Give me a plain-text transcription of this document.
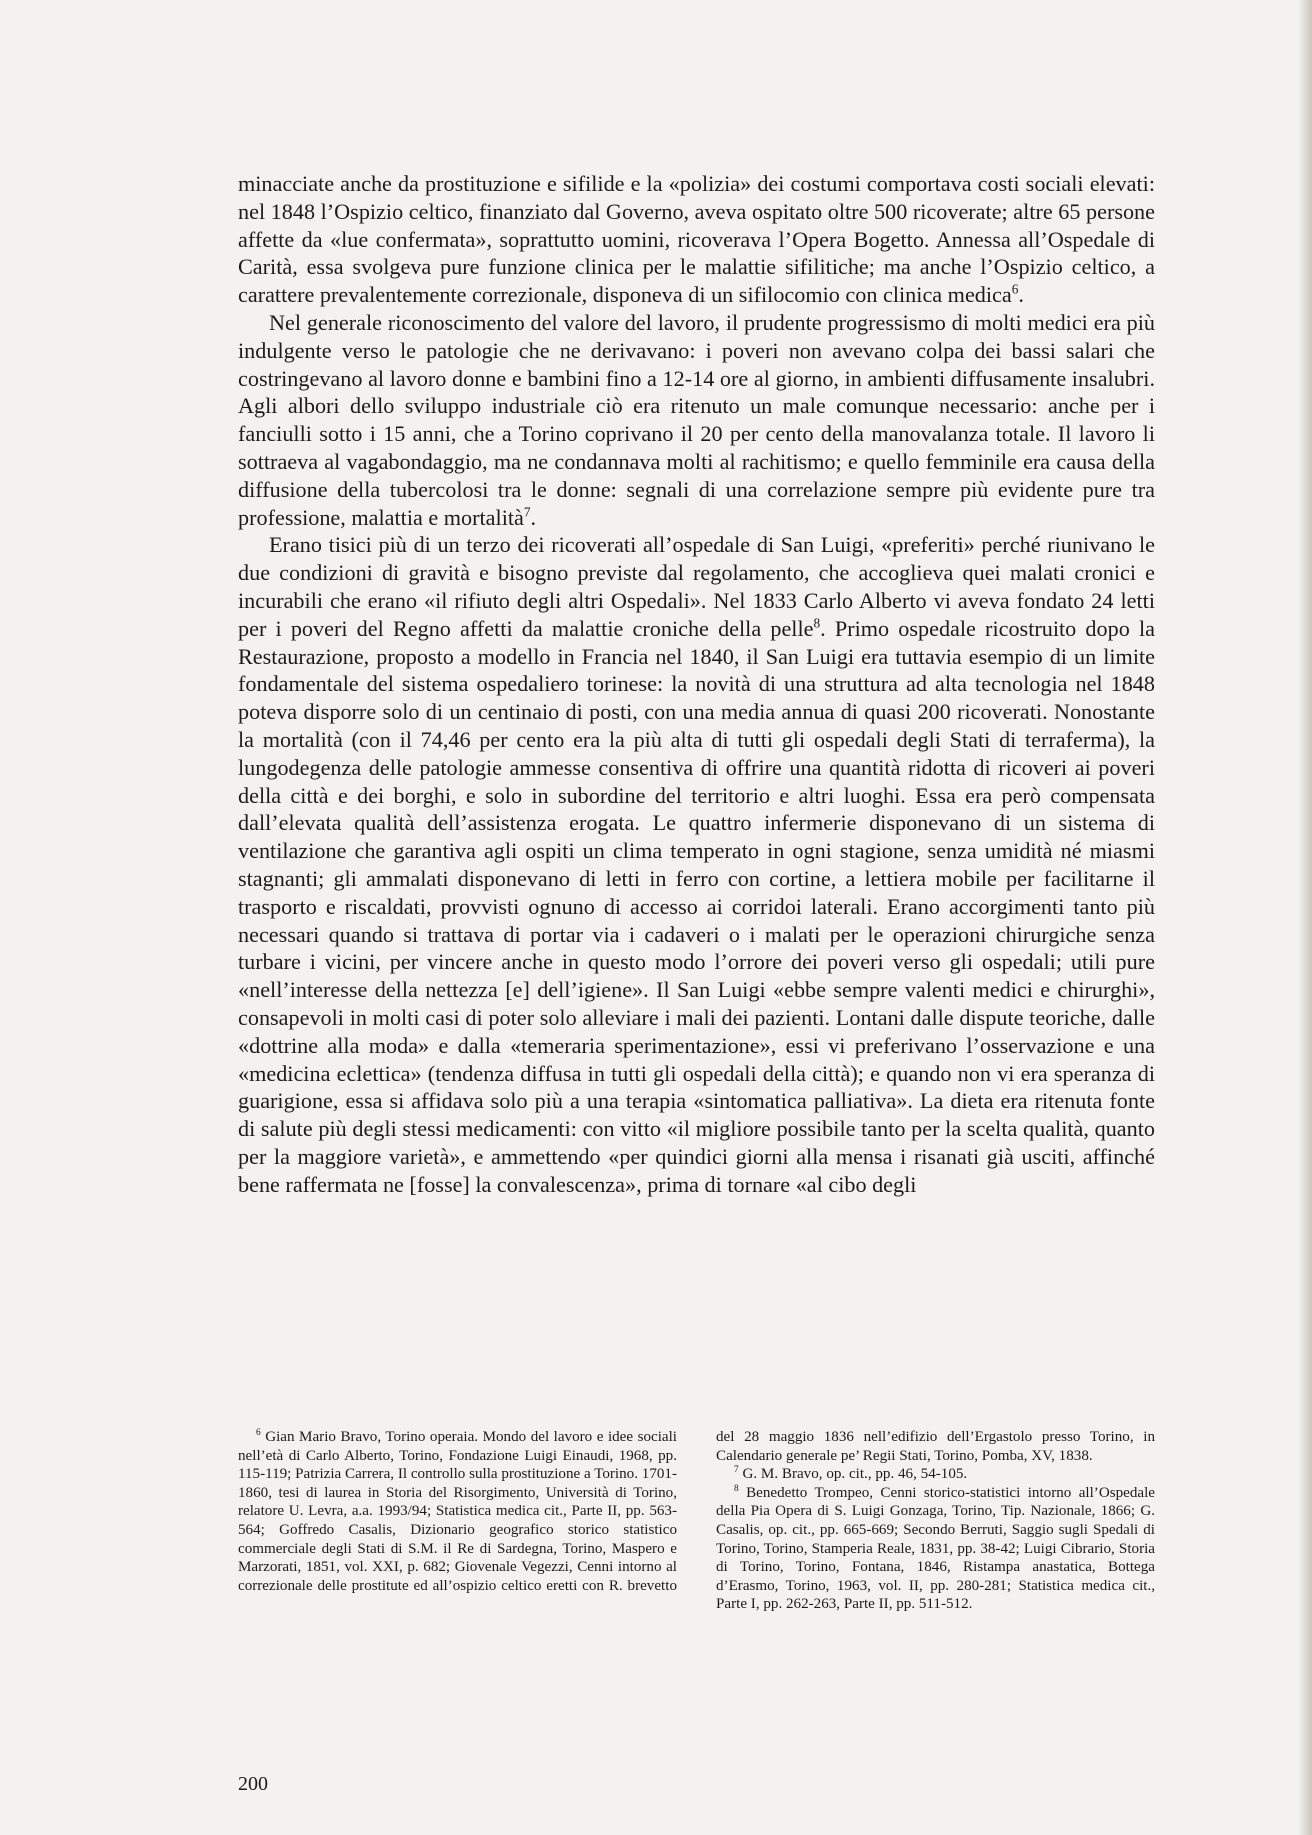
minacciate anche da prostituzione e sifilide e la «polizia» dei costumi comportava costi sociali elevati: nel 1848 l’Ospizio celtico, finanziato dal Governo, aveva ospitato oltre 500 ricoverate; altre 65 persone affette da «lue confermata», soprattutto uomini, ricoverava l’Opera Bogetto. Annessa all’Ospedale di Carità, essa svolgeva pure funzione clinica per le malattie sifilitiche; ma anche l’Ospizio celtico, a carattere prevalentemente correzionale, disponeva di un sifilocomio con clinica medica$^6$.

Nel generale riconoscimento del valore del lavoro, il prudente progressismo di molti medici era più indulgente verso le patologie che ne derivavano: i poveri non avevano colpa dei bassi salari che costringevano al lavoro donne e bambini fino a 12-14 ore al giorno, in ambienti diffusamente insalubri. Agli albori dello sviluppo industriale ciò era ritenuto un male comunque necessario: anche per i fanciulli sotto i 15 anni, che a Torino coprivano il 20 per cento della manovalanza totale. Il lavoro li sottraeva al vagabondaggio, ma ne condannava molti al rachitismo; e quello femminile era causa della diffusione della tubercolosi tra le donne: segnali di una correlazione sempre più evidente pure tra professione, malattia e mortalità$^7$.

Erano tisici più di un terzo dei ricoverati all’ospedale di San Luigi, «preferiti» perché riunivano le due condizioni di gravità e bisogno previste dal regolamento, che accoglieva quei malati cronici e incurabili che erano «il rifiuto degli altri Ospedali». Nel 1833 Carlo Alberto vi aveva fondato 24 letti per i poveri del Regno affetti da malattie croniche della pelle$^8$. Primo ospedale ricostruito dopo la Restaurazione, proposto a modello in Francia nel 1840, il San Luigi era tuttavia esempio di un limite fondamentale del sistema ospedaliero torinese: la novità di una struttura ad alta tecnologia nel 1848 poteva disporre solo di un centinaio di posti, con una media annua di quasi 200 ricoverati. Nonostante la mortalità (con il 74,46 per cento era la più alta di tutti gli ospedali degli Stati di terraferma), la lungodegenza delle patologie ammesse consentiva di offrire una quantità ridotta di ricoveri ai poveri della città e dei borghi, e solo in subordine del territorio e altri luoghi. Essa era però compensata dall’elevata qualità dell’assistenza erogata. Le quattro infermerie disponevano di un sistema di ventilazione che garantiva agli ospiti un clima temperato in ogni stagione, senza umidità né miasmi stagnanti; gli ammalati disponevano di letti in ferro con cortine, a lettiera mobile per facilitarne il trasporto e riscaldati, provvisti ognuno di accesso ai corridoi laterali. Erano accorgimenti tanto più necessari quando si trattava di portar via i cadaveri o i malati per le operazioni chirurgiche senza turbare i vicini, per vincere anche in questo modo l’orrore dei poveri verso gli ospedali; utili pure «nell’interesse della nettezza [e] dell’igiene». Il San Luigi «ebbe sempre valenti medici e chirurghi», consapevoli in molti casi di poter solo alleviare i mali dei pazienti. Lontani dalle dispute teoriche, dalle «dottrine alla moda» e dalla «temeraria sperimentazione», essi vi preferivano l’osservazione e una «medicina eclettica» (tendenza diffusa in tutti gli ospedali della città); e quando non vi era speranza di guarigione, essa si affidava solo più a una terapia «sintomatica palliativa». La dieta era ritenuta fonte di salute più degli stessi medicamenti: con vitto «il migliore possibile tanto per la scelta qualità, quanto per la maggiore varietà», e ammettendo «per quindici giorni alla mensa i risanati già usciti, affinché bene raffermata ne [fosse] la convalescenza», prima di tornare «al cibo degli

$^6$ Gian Mario Bravo, Torino operaia. Mondo del lavoro e idee sociali nell’età di Carlo Alberto, Torino, Fondazione Luigi Einaudi, 1968, pp. 115-119; Patrizia Carrera, Il controllo sulla prostituzione a Torino. 1701-1860, tesi di laurea in Storia del Risorgimento, Università di Torino, relatore U. Levra, a.a. 1993/94; Statistica medica cit., Parte II, pp. 563-564; Goffredo Casalis, Dizionario geografico storico statistico commerciale degli Stati di S.M. il Re di Sardegna, Torino, Maspero e Marzorati, 1851, vol. XXI, p. 682; Giovenale Vegezzi, Cenni intorno al correzionale delle prostitute ed all’ospizio celtico eretti con R. brevetto del 28 maggio 1836 nell’edifizio dell’Ergastolo presso Torino, in Calendario generale pe’ Regii Stati, Torino, Pomba, XV, 1838.

$^7$ G. M. Bravo, op. cit., pp. 46, 54-105.

$^8$ Benedetto Trompeo, Cenni storico-statistici intorno all’Ospedale della Pia Opera di S. Luigi Gonzaga, Torino, Tip. Nazionale, 1866; G. Casalis, op. cit., pp. 665-669; Secondo Berruti, Saggio sugli Spedali di Torino, Torino, Stamperia Reale, 1831, pp. 38-42; Luigi Cibrario, Storia di Torino, Torino, Fontana, 1846, Ristampa anastatica, Bottega d’Erasmo, Torino, 1963, vol. II, pp. 280-281; Statistica medica cit., Parte I, pp. 262-263, Parte II, pp. 511-512.

200
